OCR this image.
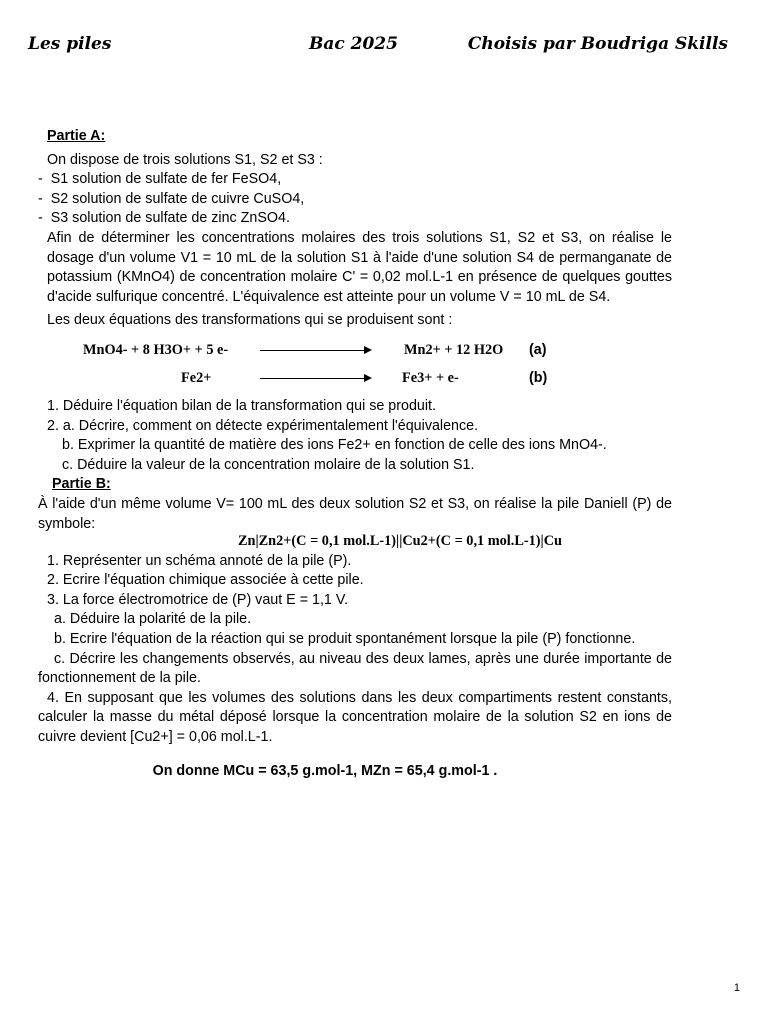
Les piles	Bac 2025	Choisis par Boudriga Skills

Partie A:

On dispose de trois solutions S1, S2 et S3 :

-  S1 solution de sulfate de fer FeSO4,

-  S2 solution de sulfate de cuivre CuSO4,

-  S3 solution de sulfate de zinc ZnSO4.

Afin de déterminer les concentrations molaires des trois solutions S1, S2 et S3, on réalise le dosage d'un volume V1 = 10 mL de la solution S1 à l'aide d'une solution S4 de permanganate de potassium (KMnO4) de concentration molaire C' = 0,02 mol.L-1 en présence de quelques gouttes d'acide sulfurique concentré. L'équivalence est atteinte pour un volume V = 10 mL de S4.

Les deux équations des transformations qui se produisent sont :

MnO4- + 8 H3O+ + 5 e-	Mn2+ + 12 H2O (a)
Fe2+	Fe3+ + e-	(b)

1. Déduire l'équation bilan de la transformation qui se produit.

2. a. Décrire, comment on détecte expérimentalement l'équivalence.

b. Exprimer la quantité de matière des ions Fe2+ en fonction de celle des ions MnO4-.

c. Déduire la valeur de la concentration molaire de la solution S1.

Partie B:

À l'aide d'un même volume V= 100 mL des deux solution S2 et S3, on réalise la pile Daniell (P) de symbole:

Zn|Zn2+(C = 0,1 mol.L-1)||Cu2+(C = 0,1 mol.L-1)|Cu

1. Représenter un schéma annoté de la pile (P).

2. Ecrire l'équation chimique associée à cette pile.

3. La force électromotrice de (P) vaut E = 1,1 V.

a. Déduire la polarité de la pile.

b. Ecrire l'équation de la réaction qui se produit spontanément lorsque la pile (P) fonctionne.

c. Décrire les changements observés, au niveau des deux lames, après une durée importante de fonctionnement de la pile.

4. En supposant que les volumes des solutions dans les deux compartiments restent constants, calculer la masse du métal déposé lorsque la concentration molaire de la solution S2 en ions de cuivre devient [Cu2+] = 0,06 mol.L-1.

On donne MCu = 63,5 g.mol-1, MZn = 65,4 g.mol-1 .

1
